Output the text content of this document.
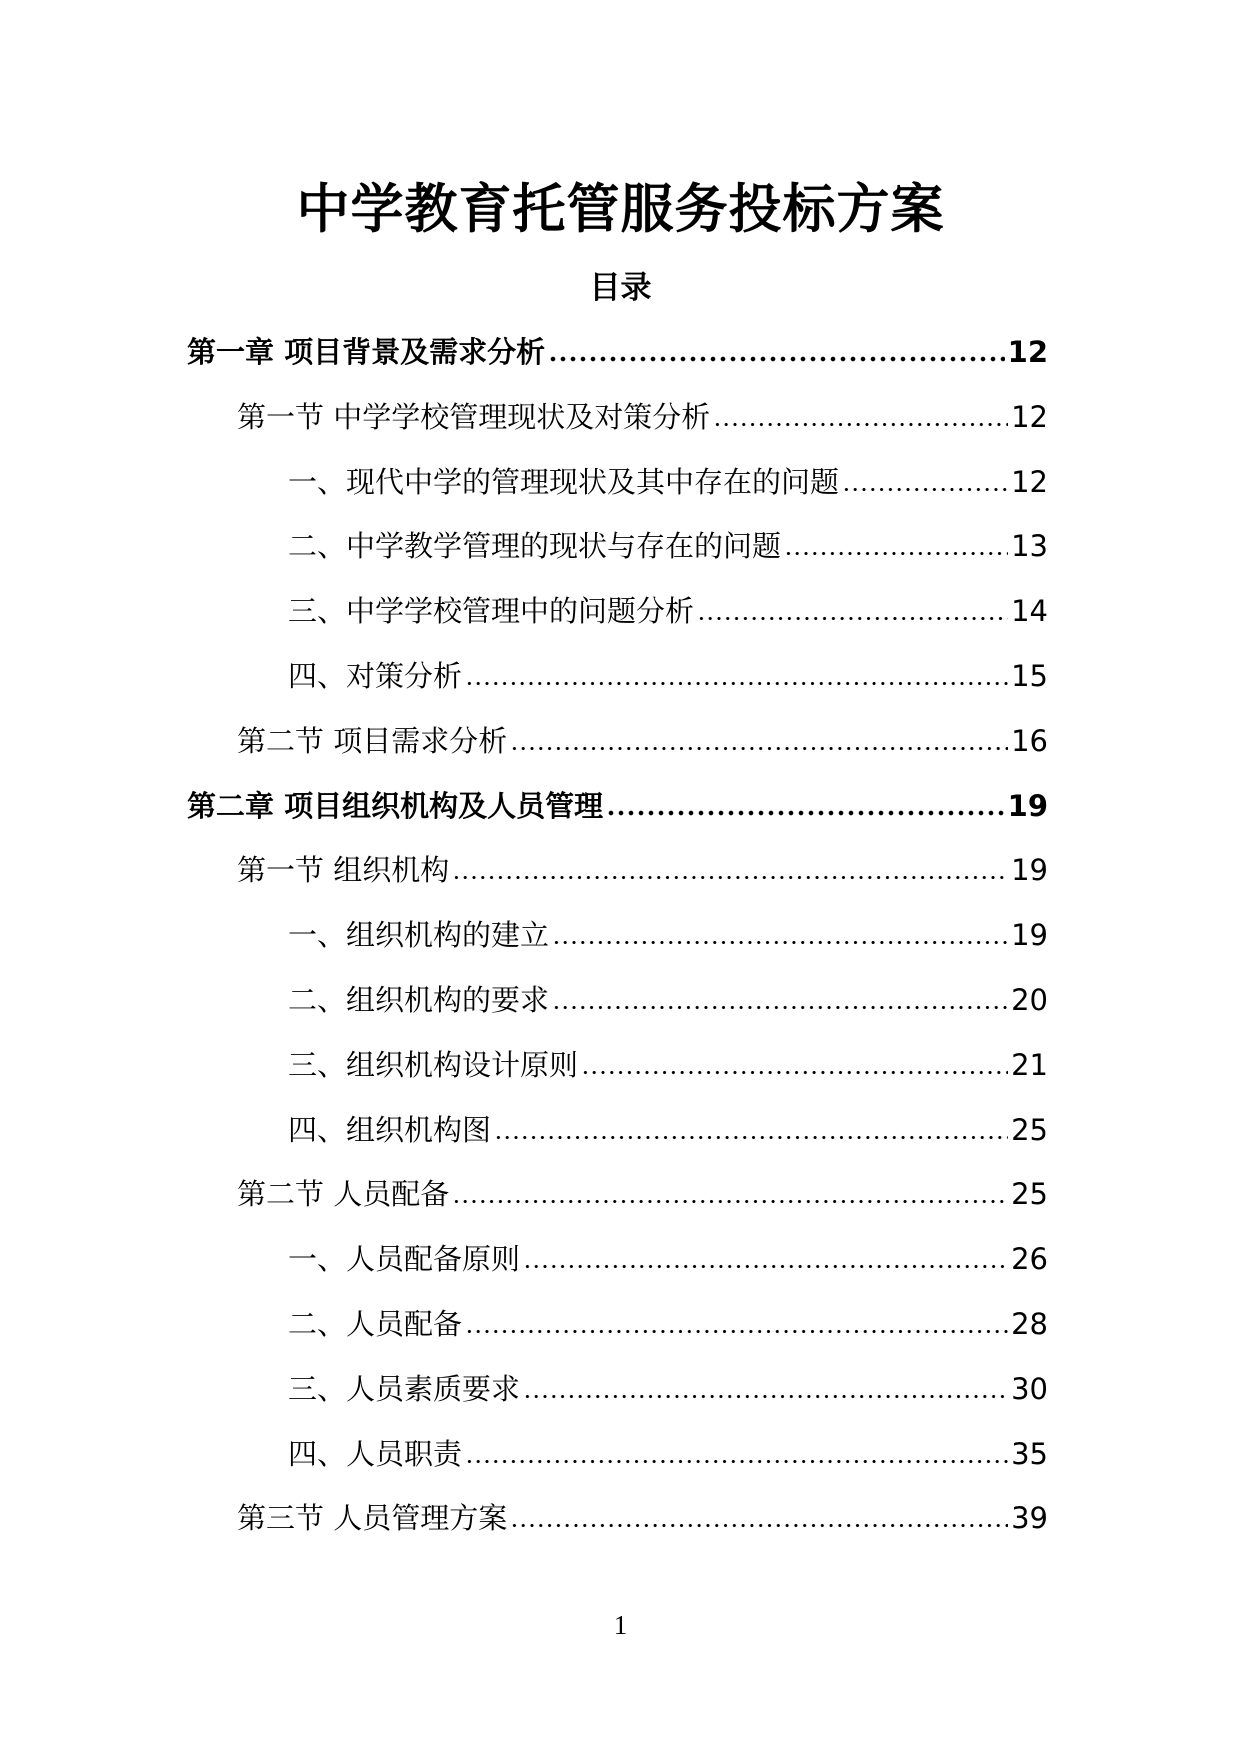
中学教育托管服务投标方案
目录
第一章 项目背景及需求分析	12
第一节 中学学校管理现状及对策分析	12
一、现代中学的管理现状及其中存在的问题	12
二、中学教学管理的现状与存在的问题	13
三、中学学校管理中的问题分析	14
四、对策分析	15
第二节 项目需求分析	16
第二章 项目组织机构及人员管理	19
第一节 组织机构	19
一、组织机构的建立	19
二、组织机构的要求	20
三、组织机构设计原则	21
四、组织机构图	25
第二节 人员配备	25
一、人员配备原则	26
二、人员配备	28
三、人员素质要求	30
四、人员职责	35
第三节 人员管理方案	39
1
